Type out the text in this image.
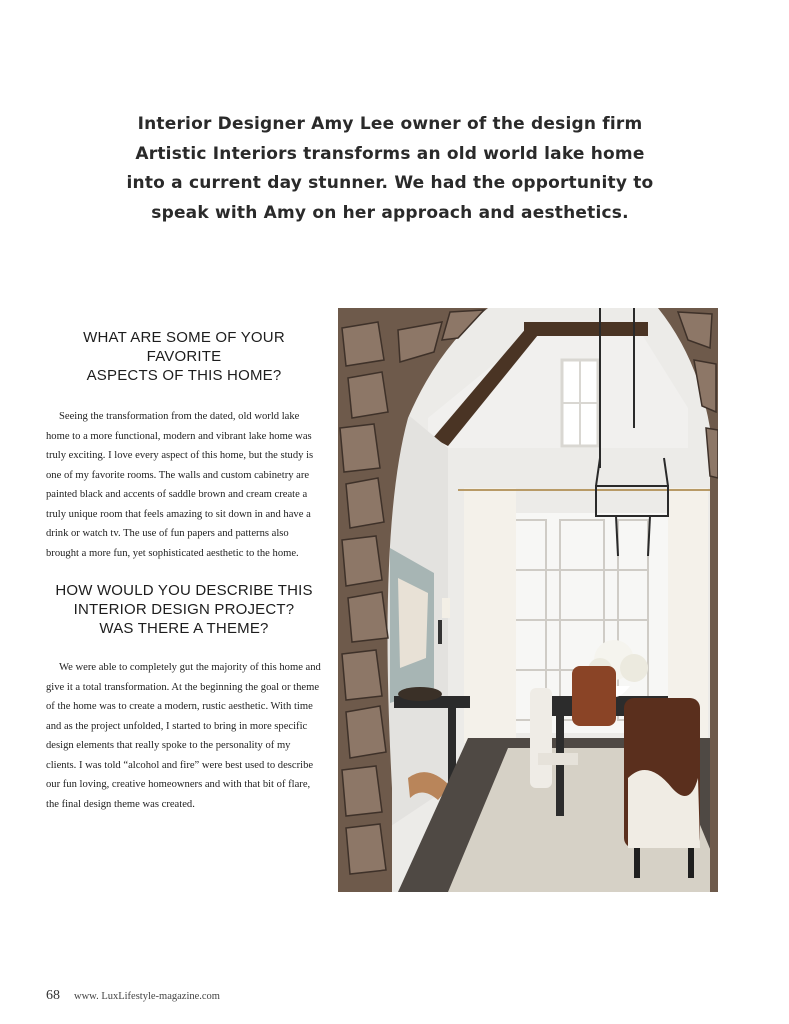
Interior Designer Amy Lee owner of the design firm Artistic Interiors transforms an old world lake home into a current day stunner. We had the opportunity to speak with Amy on her approach and aesthetics.

WHAT ARE SOME OF YOUR
FAVORITE
ASPECTS OF THIS HOME?

Seeing the transformation from the dated, old world lake home to a more functional, modern and vibrant lake home was truly exciting. I love every aspect of this home, but the study is one of my favorite rooms. The walls and custom cabinetry are painted black and accents of saddle brown and cream create a truly unique room that feels amazing to sit down in and have a drink or watch tv. The use of fun papers and patterns also brought a more fun, yet sophisticated aesthetic to the home.

HOW WOULD YOU DESCRIBE THIS
INTERIOR DESIGN PROJECT?
WAS THERE A THEME?

We were able to completely gut the majority of this home and give it a total transformation. At the beginning the goal or theme of the home was to create a modern, rustic aesthetic. With time and as the project unfolded, I started to bring in more specific design elements that really spoke to the personality of my clients. I was told “alcohol and fire” were best used to describe our fun loving, creative homeowners and with that bit of flare, the final design theme was created.

68 www. LuxLifestyle-magazine.com
